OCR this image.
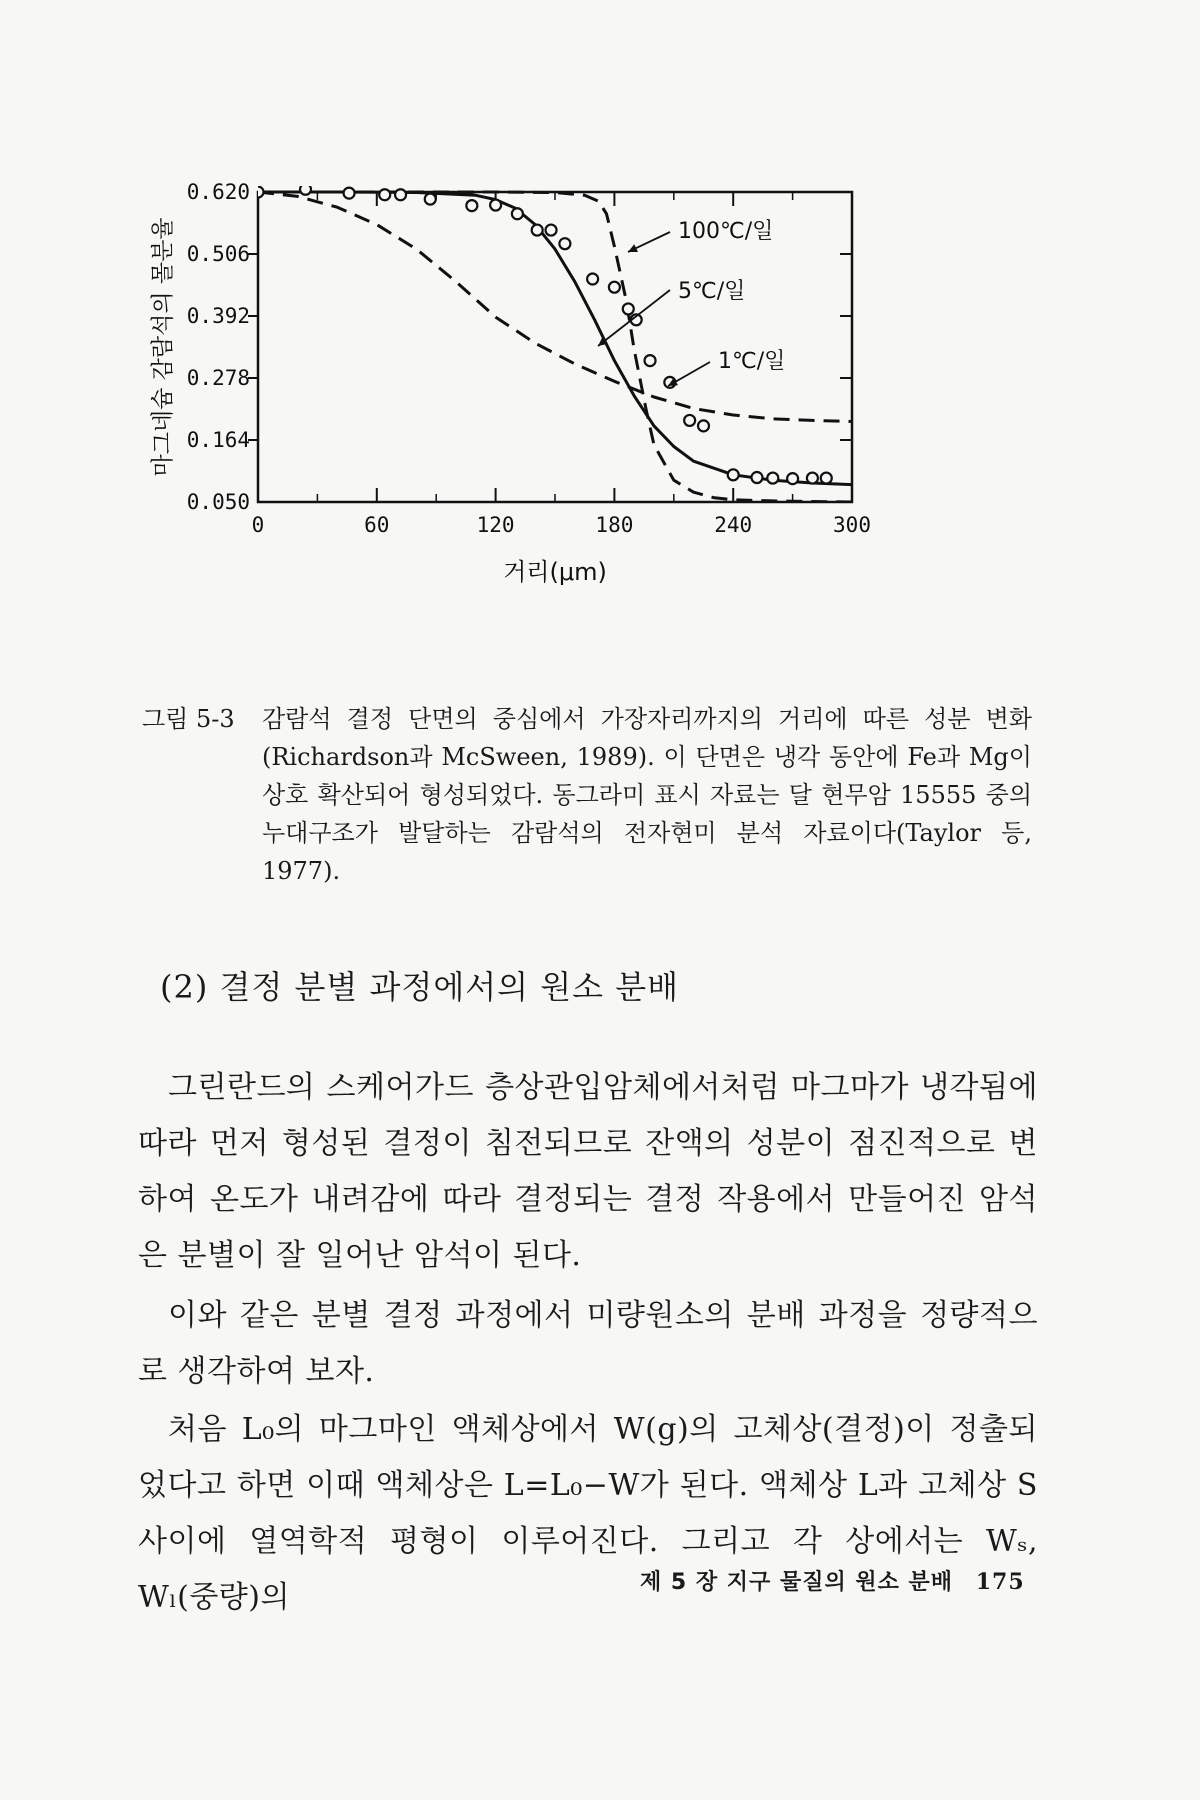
0	60	120	180	240	300
0.620
0.506
0.392
0.278
0.164
0.050
거리(μm)
마그네슘 감람석의 몰분율	100℃/일
5℃/일
1℃/일
그림 5-3	감람석 결정 단면의 중심에서 가장자리까지의 거리에 따른 성분 변화(Richardson과 McSween, 1989). 이 단면은 냉각 동안에 Fe과 Mg이 상호 확산되어 형성되었다. 동그라미 표시 자료는 달 현무암 15555 중의 누대구조가 발달하는 감람석의 전자현미 분석 자료이다(Taylor 등, 1977).
(2) 결정 분별 과정에서의 원소 분배
그린란드의 스케어가드 층상관입암체에서처럼 마그마가 냉각됨에 따라 먼저 형성된 결정이 침전되므로 잔액의 성분이 점진적으로 변하여 온도가 내려감에 따라 결정되는 결정 작용에서 만들어진 암석은 분별이 잘 일어난 암석이 된다.
이와 같은 분별 결정 과정에서 미량원소의 분배 과정을 정량적으로 생각하여 보자.
처음 L₀의 마그마인 액체상에서 W(g)의 고체상(결정)이 정출되었다고 하면 이때 액체상은 L=L₀−W가 된다. 액체상 L과 고체상 S 사이에 열역학적 평형이 이루어진다. 그리고 각 상에서는 Wₛ, Wₗ(중량)의	제 5 장 지구 물질의 원소 분배 175
